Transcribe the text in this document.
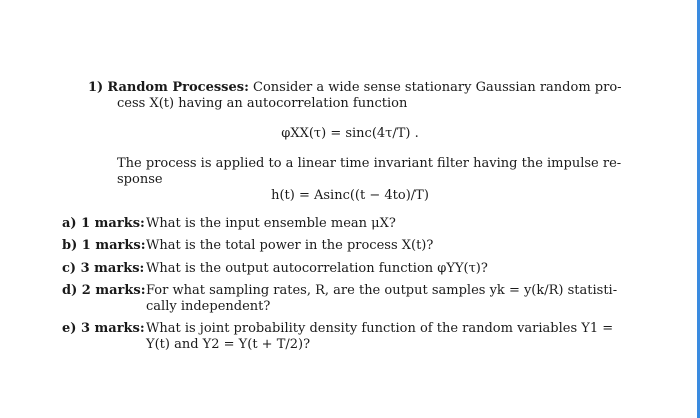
1) Random Processes: Consider a wide sense stationary Gaussian random pro-
cess X(t) having an autocorrelation function
φXX(τ) = sinc(4τ/T) .
The process is applied to a linear time invariant filter having the impulse re-
sponse
h(t) = Asinc((t − 4to)/T)
a) 1 marks: What is the input ensemble mean μX?
b) 1 marks: What is the total power in the process X(t)?
c) 3 marks: What is the output autocorrelation function φYY(τ)?
d) 2 marks: For what sampling rates, R, are the output samples yk = y(k/R) statisti-
cally independent?
e) 3 marks: What is joint probability density function of the random variables Y1 =
Y(t) and Y2 = Y(t + T/2)?
